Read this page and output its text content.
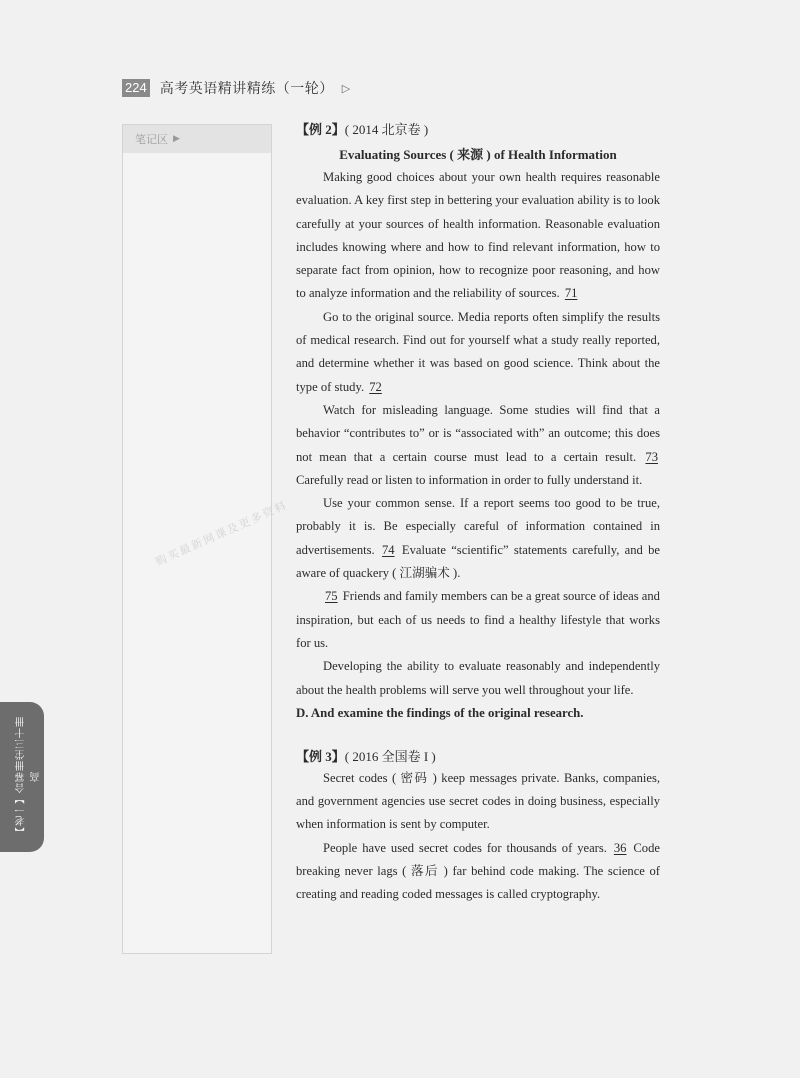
224 高考英语精讲精练（一轮） ▷
笔记区 ▶
【老一】合幂卌坣三十卌高
购买最新网课及更多资料
【例 2】( 2014 北京卷 )
Evaluating Sources ( 来源 ) of Health Information

Making good choices about your own health requires reasonable evaluation. A key first step in bettering your evaluation ability is to look carefully at your sources of health information. Reasonable evaluation includes knowing where and how to find relevant information, how to separate fact from opinion, how to recognize poor reasoning, and how to analyze information and the reliability of sources. 71

Go to the original source. Media reports often simplify the results of medical research. Find out for yourself what a study really reported, and determine whether it was based on good science. Think about the type of study. 72

Watch for misleading language. Some studies will find that a behavior “contributes to” or is “associated with” an outcome; this does not mean that a certain course must lead to a certain result. 73 Carefully read or listen to information in order to fully understand it.

Use your common sense. If a report seems too good to be true, probably it is. Be especially careful of information contained in advertisements. 74 Evaluate “scientific” statements carefully, and be aware of quackery ( 江湖骗术 ).

75 Friends and family members can be a great source of ideas and inspiration, but each of us needs to find a healthy lifestyle that works for us.

Developing the ability to evaluate reasonably and independently about the health problems will serve you well throughout your life.

D. And examine the findings of the original research.
【例 3】( 2016 全国卷 I )

Secret codes ( 密码 ) keep messages private. Banks, companies, and government agencies use secret codes in doing business, especially when information is sent by computer.

People have used secret codes for thousands of years. 36 Code breaking never lags ( 落后 ) far behind code making. The science of creating and reading coded messages is called cryptography.
